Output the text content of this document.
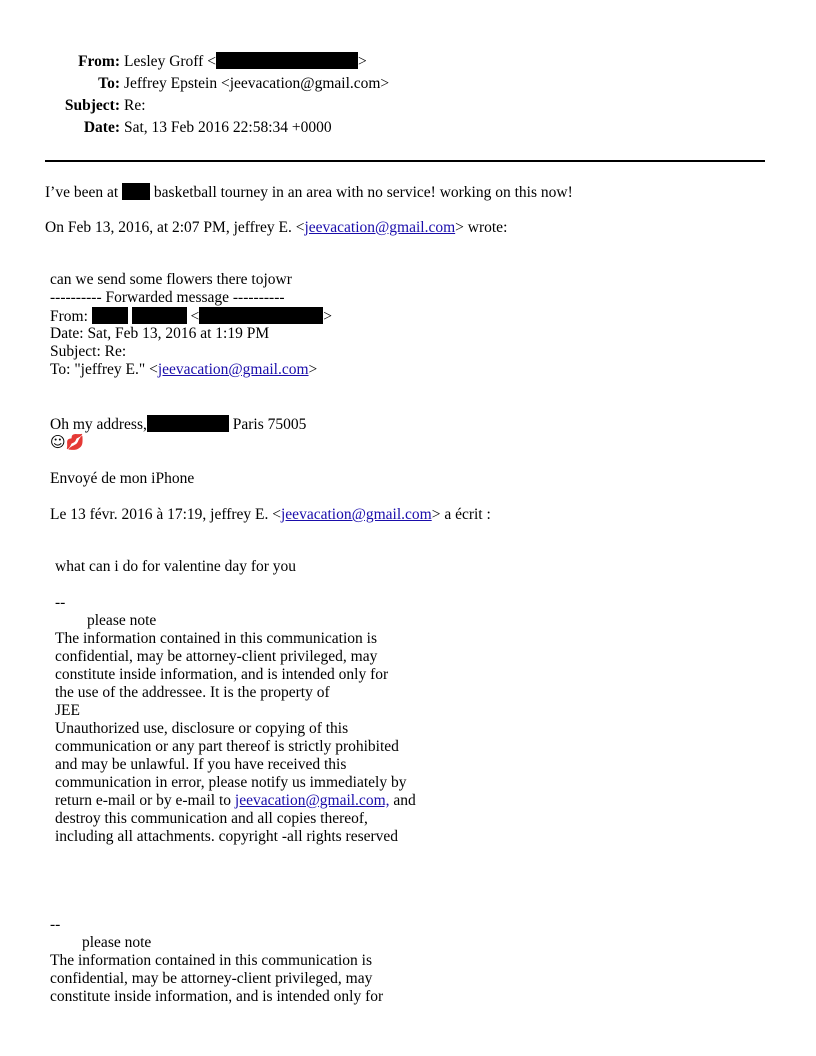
From: Lesley Groff <	>
To: Jeffrey Epstein <jeevacation@gmail.com>
Subject: Re:
Date: Sat, 13 Feb 2016 22:58:34 +0000
I’ve been at basketball tourney in an area with no service! working on this now!
On Feb 13, 2016, at 2:07 PM, jeffrey E. <jeevacation@gmail.com> wrote:
can we send some flowers there tojowr
---------- Forwarded message ----------
From:	<	>
Date: Sat, Feb 13, 2016 at 1:19 PM
Subject: Re:
To: "jeffrey E." <jeevacation@gmail.com>
Oh my address,	Paris 75005
☺💋
Envoyé de mon iPhone
Le 13 févr. 2016 à 17:19, jeffrey E. <jeevacation@gmail.com> a écrit :
what can i do for valentine day for you
--
please note
The information contained in this communication is
confidential, may be attorney-client privileged, may
constitute inside information, and is intended only for
the use of the addressee. It is the property of
JEE
Unauthorized use, disclosure or copying of this
communication or any part thereof is strictly prohibited
and may be unlawful. If you have received this
communication in error, please notify us immediately by
return e-mail or by e-mail to jeevacation@gmail.com, and
destroy this communication and all copies thereof,
including all attachments. copyright -all rights reserved
--
please note
The information contained in this communication is
confidential, may be attorney-client privileged, may
constitute inside information, and is intended only for
